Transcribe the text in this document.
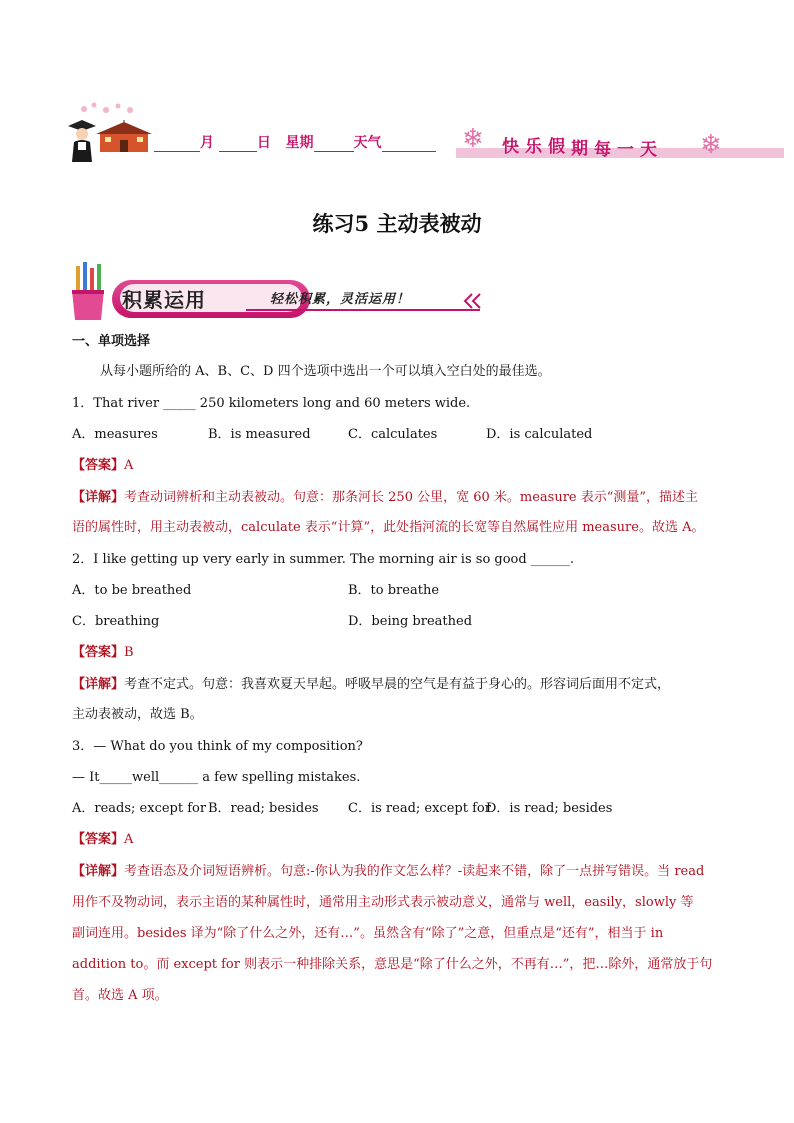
月	日 星期	天气	❄	❄
快 乐 假 期 每 一 天
练习5 主动表被动
积累运用	轻松积累，灵活运用！
一、单项选择
从每小题所给的 A、B、C、D 四个选项中选出一个可以填入空白处的最佳选。
1．That river _____ 250 kilometers long and 60 meters wide.
A．measures	B．is measured	C．calculates	D．is calculated
【答案】A
【详解】考查动词辨析和主动表被动。句意：那条河长 250 公里，宽 60 米。measure 表示“测量”，描述主
语的属性时，用主动表被动，calculate 表示“计算”，此处指河流的长宽等自然属性应用 measure。故选 A。
2．I like getting up very early in summer. The morning air is so good ______.
A．to be breathed	B．to breathe
C．breathing	D．being breathed
【答案】B
【详解】考查不定式。句意：我喜欢夏天早起。呼吸早晨的空气是有益于身心的。形容词后面用不定式，
主动表被动，故选 B。
3．— What do you think of my composition?
— It_____well______ a few spelling mistakes.
A．reads; except for B．read; besides C．is read; except for
D．is read; besides
【答案】A
【详解】考查语态及介词短语辨析。句意:-你认为我的作文怎么样？-读起来不错，除了一点拼写错误。当 read
用作不及物动词，表示主语的某种属性时，通常用主动形式表示被动意义，通常与 well，easily，slowly 等
副词连用。besides 译为“除了什么之外，还有…”。虽然含有“除了”之意，但重点是“还有”，相当于 in
addition to。而 except for 则表示一种排除关系，意思是“除了什么之外，不再有…”，把…除外，通常放于句
首。故选 A 项。
